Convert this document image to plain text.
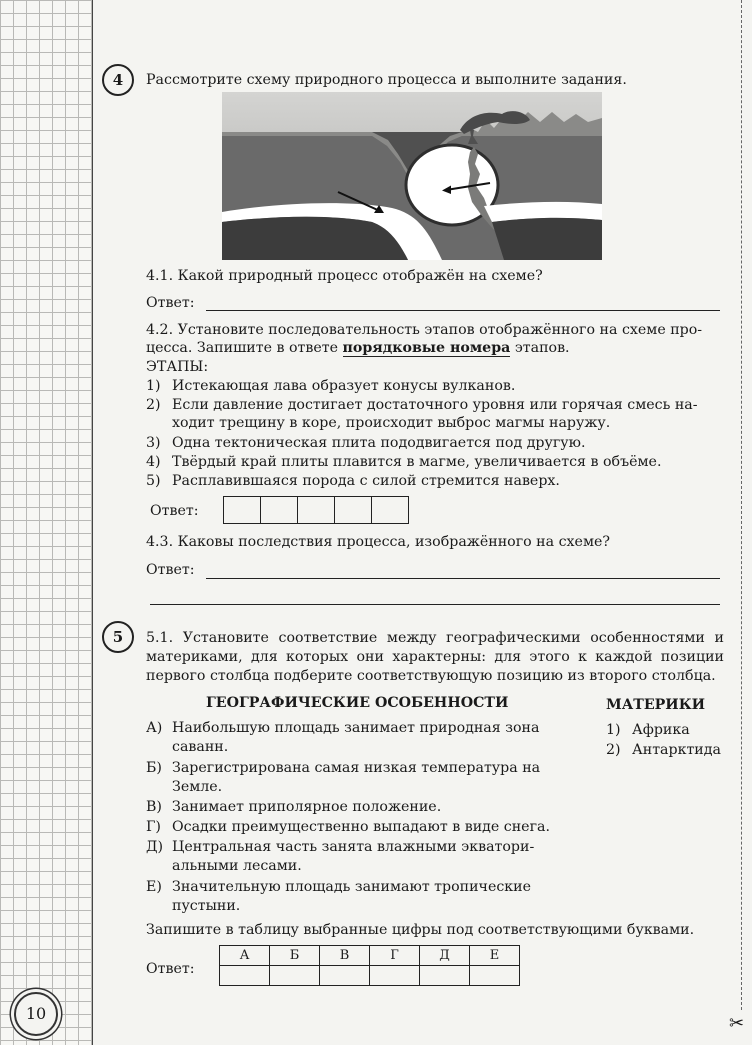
10	✂
4	Рассмотрите схему природного процесса и выполните задания.
4.1. Какой природный процесс отображён на схеме?
Ответ:
4.2. Установите последовательность этапов отображённого на схеме про-
цесса. Запишите в ответе порядковые номера этапов.
ЭТАПЫ:
1) Истекающая лава образует конусы вулканов.
2) Если давление достигает достаточного уровня или горячая смесь на-
ходит трещину в коре, происходит выброс магмы наружу.
3) Одна тектоническая плита пододвигается под другую.
4) Твёрдый край плиты плавится в магме, увеличивается в объёме.
5) Расплавившаяся порода с силой стремится наверх.
Ответ:
4.3. Каковы последствия процесса, изображённого на схеме?
Ответ:
5	5.1. Установите соответствие между географическими особенностями и
материками, для которых они характерны: для этого к каждой позиции
первого столбца подберите соответствующую позицию из второго столбца.
ГЕОГРАФИЧЕСКИЕ ОСОБЕННОСТИ	МАТЕРИКИ
А) Наибольшую площадь занимает природная зона
саванн.
Б) Зарегистрирована самая низкая температура на
Земле.
В) Занимает приполярное положение.
Г) Осадки преимущественно выпадают в виде снега.
Д) Центральная часть занята влажными экватори-
альными лесами.
Е) Значительную площадь занимают тропические
пустыни.
1) Африка
2) Антарктида
Запишите в таблицу выбранные цифры под соответствующими буквами.
Ответ:
А	Б	В	Г	Д	Е
